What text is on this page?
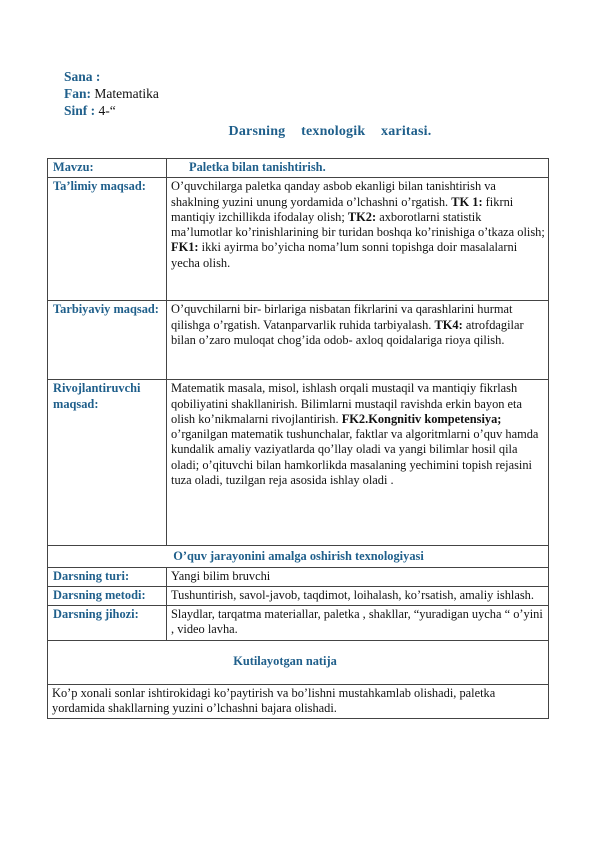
Sana :
Fan: Matematika
Sinf : 4-“
Darsning texnologik xaritasi.
Mavzu:	Paletka bilan tanishtirish.
Ta’limiy maqsad:	O’quvchilarga paletka qanday asbob ekanligi bilan tanishtirish va shaklning yuzini unung yordamida o’lchashni o’rgatish. TK 1: fikrni mantiqiy izchillikda ifodalay olish; TK2: axborotlarni statistik ma’lumotlar ko’rinishlarining bir turidan boshqa ko’rinishiga o’tkaza olish; FK1: ikki ayirma bo’yicha noma’lum sonni topishga doir masalalarni yecha olish.
Tarbiyaviy maqsad:	O’quvchilarni bir- birlariga nisbatan fikrlarini va qarashlarini hurmat qilishga o’rgatish. Vatanparvarlik ruhida tarbiyalash. TK4: atrofdagilar bilan o’zaro muloqat chog’ida odob- axloq qoidalariga rioya qilish.
Rivojlantiruvchi maqsad:	Matematik masala, misol, ishlash orqali mustaqil va mantiqiy fikrlash qobiliyatini shakllanirish. Bilimlarni mustaqil ravishda erkin bayon eta olish ko’nikmalarni rivojlantirish. FK2.Kongnitiv kompetensiya; o’rganilgan matematik tushunchalar, faktlar va algoritmlarni o’quv hamda kundalik amaliy vaziyatlarda qo’llay oladi va yangi bilimlar hosil qila oladi; o’qituvchi bilan hamkorlikda masalaning yechimini topish rejasini tuza oladi, tuzilgan reja asosida ishlay oladi .
O’quv jarayonini amalga oshirish texnologiyasi	
Darsning turi:	Yangi bilim bruvchi
Darsning metodi:	Tushuntirish, savol-javob, taqdimot, loihalash, ko’rsatish, amaliy ishlash.
Darsning jihozi:	Slaydlar, tarqatma materiallar, paletka , shakllar, “yuradigan uycha “ o’yini , video lavha.
Kutilayotgan natija	
Ko’p xonali sonlar ishtirokidagi ko’paytirish va bo’lishni mustahkamlab olishadi, paletka yordamida shakllarning yuzini o’lchashni bajara olishadi.	
